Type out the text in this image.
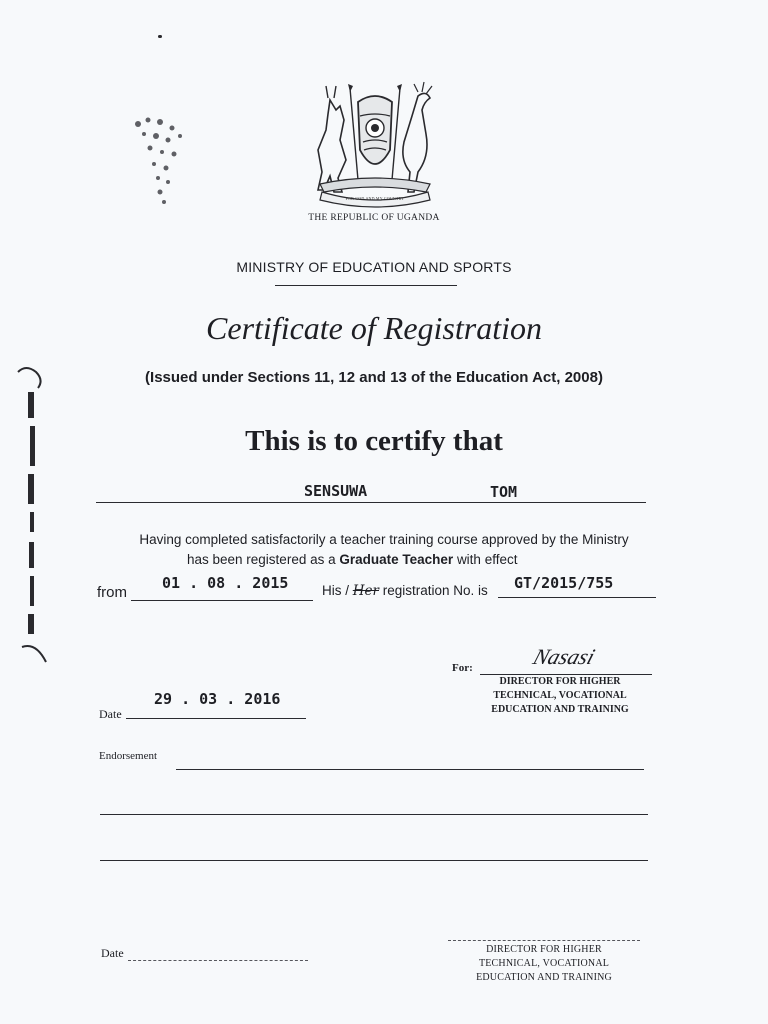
FOR GOD AND MY COUNTRY
THE REPUBLIC OF UGANDA
MINISTRY OF EDUCATION AND SPORTS
Certificate of Registration
(Issued under Sections 11, 12 and 13 of the Education Act, 2008)
This is to certify that
SENSUWA	TOM
Having completed satisfactorily a teacher training course approved by the Ministry
has been registered as a Graduate Teacher with effect
from
01 . 08 . 2015 His / Her registration No. is GT/2015/755
For:	Nasasi
DIRECTOR FOR HIGHER
TECHNICAL, VOCATIONAL
EDUCATION AND TRAINING
29 . 03 . 2016
Date
Endorsement
Date	DIRECTOR FOR HIGHER
TECHNICAL, VOCATIONAL
EDUCATION AND TRAINING
